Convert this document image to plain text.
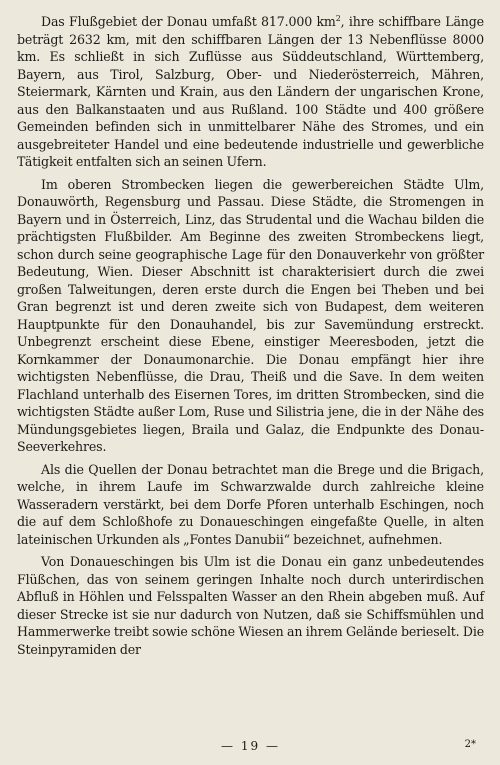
Das Flußgebiet der Donau umfaßt 817.000 $km^2$, ihre schiffbare Länge beträgt 2632 km, mit den schiffbaren Längen der 13 Nebenflüsse 8000 km. Es schließt in sich Zuflüsse aus Süddeutschland, Württemberg, Bayern, aus Tirol, Salzburg, Ober- und Niederösterreich, Mähren, Steiermark, Kärnten und Krain, aus den Ländern der ungarischen Krone, aus den Balkanstaaten und aus Rußland. 100 Städte und 400 größere Gemeinden befinden sich in unmittelbarer Nähe des Stromes, und ein ausgebreiteter Handel und eine bedeutende industrielle und gewerbliche Tätigkeit entfalten sich an seinen Ufern.

Im oberen Strombecken liegen die gewerbereichen Städte Ulm, Donauwörth, Regensburg und Passau. Diese Städte, die Stromengen in Bayern und in Österreich, Linz, das Strudental und die Wachau bilden die prächtigsten Flußbilder. Am Beginne des zweiten Strombeckens liegt, schon durch seine geographische Lage für den Donauverkehr von größter Bedeutung, Wien. Dieser Abschnitt ist charakterisiert durch die zwei großen Talweitungen, deren erste durch die Engen bei Theben und bei Gran begrenzt ist und deren zweite sich von Budapest, dem weiteren Hauptpunkte für den Donauhandel, bis zur Savemündung erstreckt. Unbegrenzt erscheint diese Ebene, einstiger Meeresboden, jetzt die Kornkammer der Donaumonarchie. Die Donau empfängt hier ihre wichtigsten Nebenflüsse, die Drau, Theiß und die Save. In dem weiten Flachland unterhalb des Eisernen Tores, im dritten Strombecken, sind die wichtigsten Städte außer Lom, Ruse und Silistria jene, die in der Nähe des Mündungsgebietes liegen, Braila und Galaz, die Endpunkte des Donau-Seeverkehres.

Als die Quellen der Donau betrachtet man die Brege und die Brigach, welche, in ihrem Laufe im Schwarzwalde durch zahlreiche kleine Wasseradern verstärkt, bei dem Dorfe Pforen unterhalb Eschingen, noch die auf dem Schloßhofe zu Donaueschingen eingefaßte Quelle, in alten lateinischen Urkunden als „Fontes Danubii“ bezeichnet, aufnehmen.

Von Donaueschingen bis Ulm ist die Donau ein ganz unbedeutendes Flüßchen, das von seinem geringen Inhalte noch durch unterirdischen Abfluß in Höhlen und Felsspalten Wasser an den Rhein abgeben muß. Auf dieser Strecke ist sie nur dadurch von Nutzen, daß sie Schiffsmühlen und Hammerwerke treibt sowie schöne Wiesen an ihrem Gelände berieselt. Die Steinpyramiden der

— 19 —	2*
